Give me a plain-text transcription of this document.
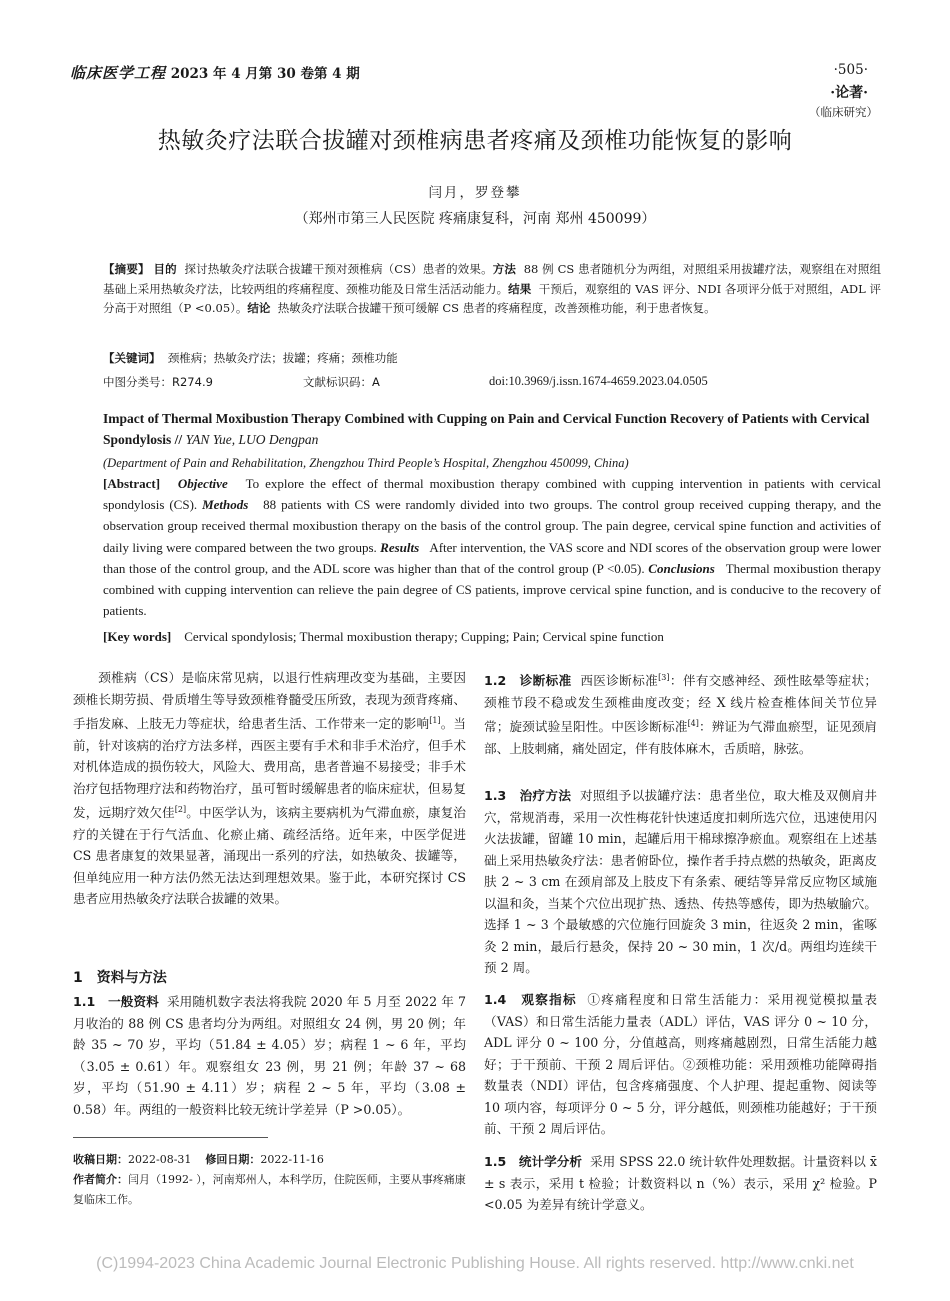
临床医学工程 2023 年 4 月第 30 卷第 4 期	·505·
·论著·
（临床研究）
热敏灸疗法联合拔罐对颈椎病患者疼痛及颈椎功能恢复的影响
闫月，罗登攀
（郑州市第三人民医院 疼痛康复科，河南 郑州 450099）
【摘要】 目的 探讨热敏灸疗法联合拔罐干预对颈椎病（CS）患者的效果。方法 88 例 CS 患者随机分为两组，对照组采用拔罐疗法，观察组在对照组基础上采用热敏灸疗法，比较两组的疼痛程度、颈椎功能及日常生活活动能力。结果 干预后，观察组的 VAS 评分、NDI 各项评分低于对照组，ADL 评分高于对照组（P <0.05）。结论 热敏灸疗法联合拔罐干预可缓解 CS 患者的疼痛程度，改善颈椎功能，利于患者恢复。
【关键词】 颈椎病；热敏灸疗法；拔罐；疼痛；颈椎功能
中图分类号：R274.9	文献标识码：A	doi:10.3969/j.issn.1674-4659.2023.04.0505
Impact of Thermal Moxibustion Therapy Combined with Cupping on Pain and Cervical Function Recovery of Patients with Cervical Spondylosis // YAN Yue, LUO Dengpan
(Department of Pain and Rehabilitation, Zhengzhou Third People’s Hospital, Zhengzhou 450099, China)
[Abstract] Objective To explore the effect of thermal moxibustion therapy combined with cupping intervention in patients with cervical spondylosis (CS). Methods 88 patients with CS were randomly divided into two groups. The control group received cupping therapy, and the observation group received thermal moxibustion therapy on the basis of the control group. The pain degree, cervical spine function and activities of daily living were compared between the two groups. Results After intervention, the VAS score and NDI scores of the observation group were lower than those of the control group, and the ADL score was higher than that of the control group (P <0.05). Conclusions Thermal moxibustion therapy combined with cupping intervention can relieve the pain degree of CS patients, improve cervical spine function, and is conducive to the recovery of patients.
[Key words] Cervical spondylosis; Thermal moxibustion therapy; Cupping; Pain; Cervical spine function

颈椎病（CS）是临床常见病，以退行性病理改变为基础，主要因颈椎长期劳损、骨质增生等导致颈椎脊髓受压所致，表现为颈背疼痛、手指发麻、上肢无力等症状，给患者生活、工作带来一定的影响[1]。当前，针对该病的治疗方法多样，西医主要有手术和非手术治疗，但手术对机体造成的损伤较大，风险大、费用高，患者普遍不易接受；非手术治疗包括物理疗法和药物治疗，虽可暂时缓解患者的临床症状，但易复发，远期疗效欠佳[2]。中医学认为，该病主要病机为气滞血瘀，康复治疗的关键在于行气活血、化瘀止痛、疏经活络。近年来，中医学促进 CS 患者康复的效果显著，涌现出一系列的疗法，如热敏灸、拔罐等，但单纯应用一种方法仍然无法达到理想效果。鉴于此，本研究探讨 CS 患者应用热敏灸疗法联合拔罐的效果。

1　资料与方法
1.1　一般资料 采用随机数字表法将我院 2020 年 5 月至 2022 年 7 月收治的 88 例 CS 患者均分为两组。对照组女 24 例，男 20 例；年龄 35 ~ 70 岁，平均（51.84 ± 4.05）岁；病程 1 ~ 6 年，平均（3.05 ± 0.61）年。观察组女 23 例，男 21 例；年龄 37 ~ 68 岁，平均（51.90 ± 4.11）岁；病程 2 ~ 5 年，平均（3.08 ± 0.58）年。两组的一般资料比较无统计学差异（P >0.05）。
收稿日期：2022-08-31 修回日期：2022-11-16
作者简介：闫月（1992- ），河南郑州人，本科学历，住院医师，主要从事疼痛康复临床工作。
1.2　诊断标准 西医诊断标准[3]：伴有交感神经、颈性眩晕等症状；颈椎节段不稳或发生颈椎曲度改变；经 X 线片检查椎体间关节位异常；旋颈试验呈阳性。中医诊断标准[4]：辨证为气滞血瘀型，证见颈肩部、上肢刺痛，痛处固定，伴有肢体麻木，舌质暗，脉弦。
1.3　治疗方法 对照组予以拔罐疗法：患者坐位，取大椎及双侧肩井穴，常规消毒，采用一次性梅花针快速适度扣刺所选穴位，迅速使用闪火法拔罐，留罐 10 min，起罐后用干棉球擦净瘀血。观察组在上述基础上采用热敏灸疗法：患者俯卧位，操作者手持点燃的热敏灸，距离皮肤 2 ~ 3 cm 在颈肩部及上肢皮下有条索、硬结等异常反应物区域施以温和灸，当某个穴位出现扩热、透热、传热等感传，即为热敏腧穴。选择 1 ~ 3 个最敏感的穴位施行回旋灸 3 min，往返灸 2 min，雀啄灸 2 min，最后行悬灸，保持 20 ~ 30 min，1 次/d。两组均连续干预 2 周。
1.4　观察指标 ①疼痛程度和日常生活能力：采用视觉模拟量表（VAS）和日常生活能力量表（ADL）评估，VAS 评分 0 ~ 10 分，ADL 评分 0 ~ 100 分，分值越高，则疼痛越剧烈，日常生活能力越好；于干预前、干预 2 周后评估。②颈椎功能：采用颈椎功能障碍指数量表（NDI）评估，包含疼痛强度、个人护理、提起重物、阅读等 10 项内容，每项评分 0 ~ 5 分，评分越低，则颈椎功能越好；于干预前、干预 2 周后评估。
1.5　统计学分析 采用 SPSS 22.0 统计软件处理数据。计量资料以 x̄ ± s 表示，采用 t 检验；计数资料以 n（%）表示，采用 χ² 检验。P <0.05 为差异有统计学意义。
(C)1994-2023 China Academic Journal Electronic Publishing House. All rights reserved. http://www.cnki.net
